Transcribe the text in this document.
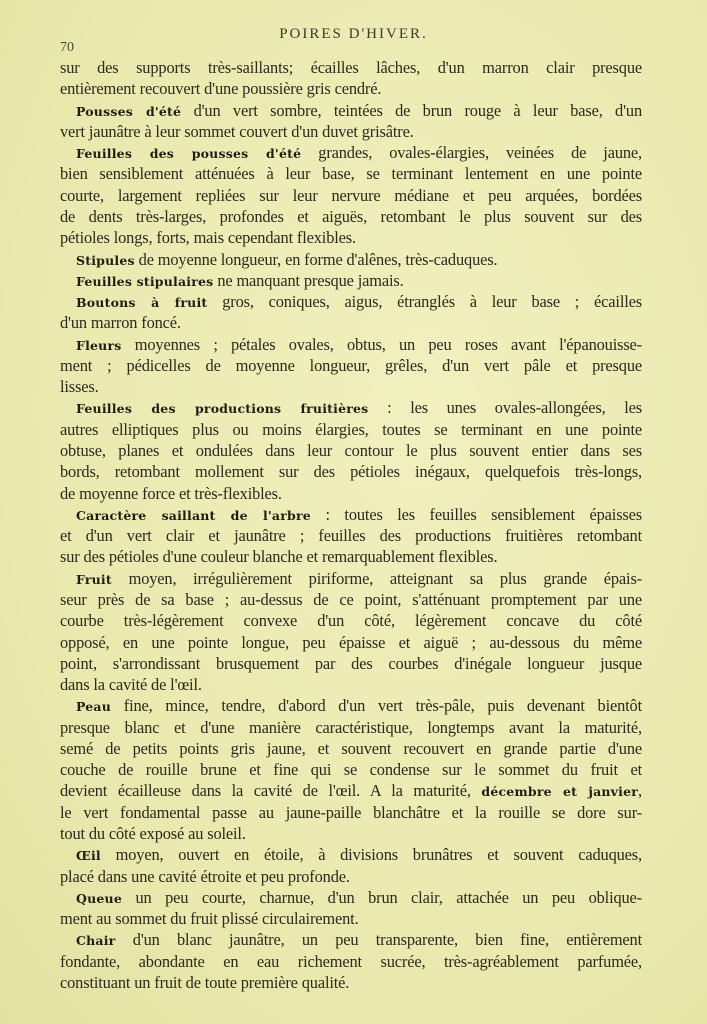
POIRES D'HIVER.
70
sur des supports très-saillants; écailles lâches, d'un marron clair presque
entièrement recouvert d'une poussière gris cendré.
Pousses d'été d'un vert sombre, teintées de brun rouge à leur base, d'un
vert jaunâtre à leur sommet couvert d'un duvet grisâtre.
Feuilles des pousses d'été grandes, ovales-élargies, veinées de jaune,
bien sensiblement atténuées à leur base, se terminant lentement en une pointe
courte, largement repliées sur leur nervure médiane et peu arquées, bordées
de dents très-larges, profondes et aiguës, retombant le plus souvent sur des
pétioles longs, forts, mais cependant flexibles.
Stipules de moyenne longueur, en forme d'alênes, très-caduques.
Feuilles stipulaires ne manquant presque jamais.
Boutons à fruit gros, coniques, aigus, étranglés à leur base ; écailles
d'un marron foncé.
Fleurs moyennes ; pétales ovales, obtus, un peu roses avant l'épanouisse-
ment ; pédicelles de moyenne longueur, grêles, d'un vert pâle et presque
lisses.
Feuilles des productions fruitières : les unes ovales-allongées, les
autres elliptiques plus ou moins élargies, toutes se terminant en une pointe
obtuse, planes et ondulées dans leur contour le plus souvent entier dans ses
bords, retombant mollement sur des pétioles inégaux, quelquefois très-longs,
de moyenne force et très-flexibles.
Caractère saillant de l'arbre : toutes les feuilles sensiblement épaisses
et d'un vert clair et jaunâtre ; feuilles des productions fruitières retombant
sur des pétioles d'une couleur blanche et remarquablement flexibles.
Fruit moyen, irrégulièrement piriforme, atteignant sa plus grande épais-
seur près de sa base ; au-dessus de ce point, s'atténuant promptement par une
courbe très-légèrement convexe d'un côté, légèrement concave du côté
opposé, en une pointe longue, peu épaisse et aiguë ; au-dessous du même
point, s'arrondissant brusquement par des courbes d'inégale longueur jusque
dans la cavité de l'œil.
Peau fine, mince, tendre, d'abord d'un vert très-pâle, puis devenant bientôt
presque blanc et d'une manière caractéristique, longtemps avant la maturité,
semé de petits points gris jaune, et souvent recouvert en grande partie d'une
couche de rouille brune et fine qui se condense sur le sommet du fruit et
devient écailleuse dans la cavité de l'œil. A la maturité, décembre et janvier,
le vert fondamental passe au jaune-paille blanchâtre et la rouille se dore sur-
tout du côté exposé au soleil.
Œil moyen, ouvert en étoile, à divisions brunâtres et souvent caduques,
placé dans une cavité étroite et peu profonde.
Queue un peu courte, charnue, d'un brun clair, attachée un peu oblique-
ment au sommet du fruit plissé circulairement.
Chair d'un blanc jaunâtre, un peu transparente, bien fine, entièrement
fondante, abondante en eau richement sucrée, très-agréablement parfumée,
constituant un fruit de toute première qualité.
